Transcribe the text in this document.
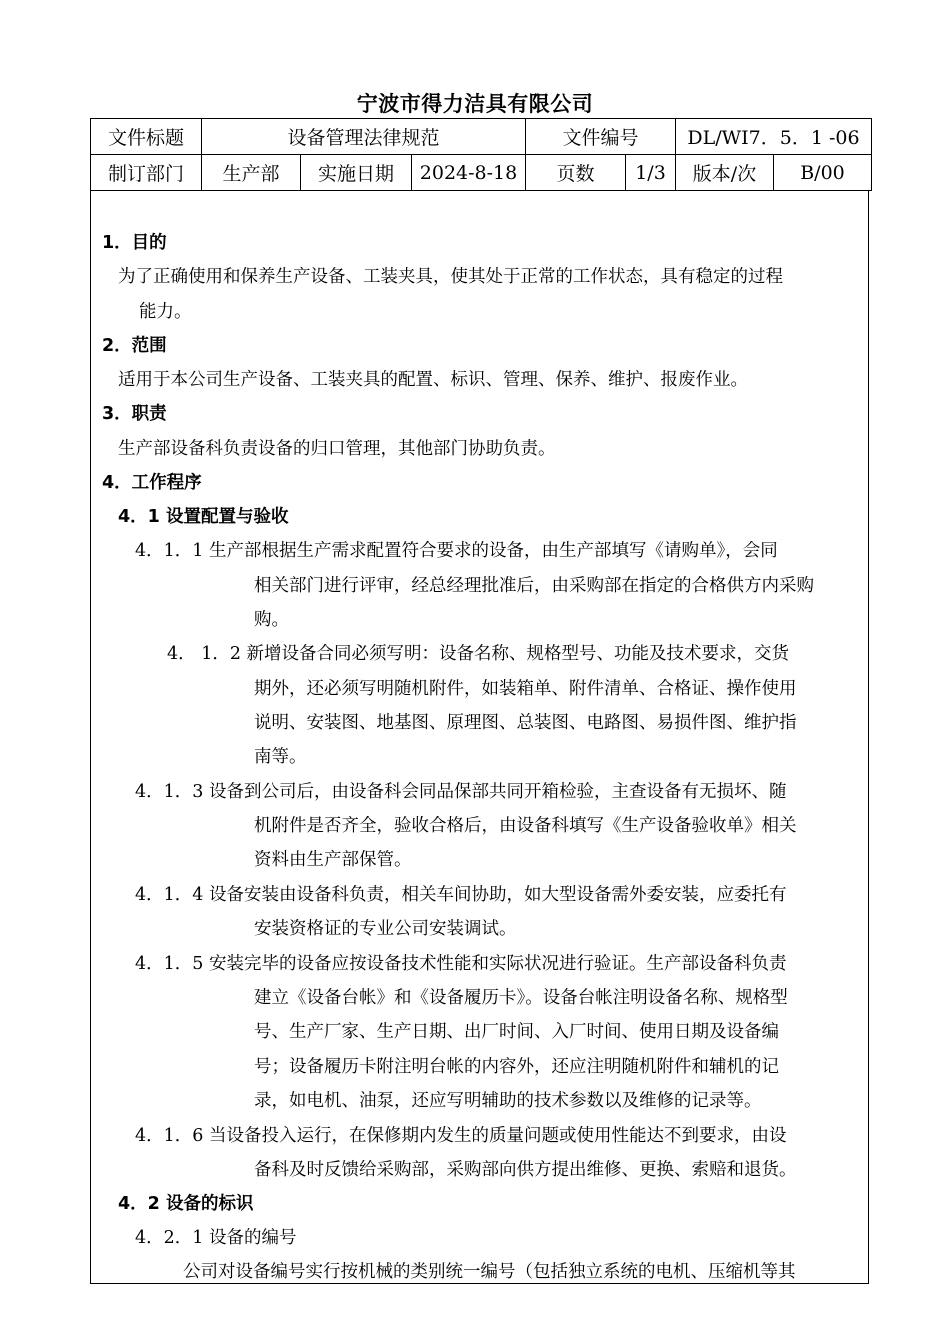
宁波市得力洁具有限公司
文件标题	设备管理法律规范			文件编号		DL/WI7．5．1 -06	
制订部门	生产部	实施日期	2024-8-18	页数	1/3	版本/次	B/00
1．目的
为了正确使用和保养生产设备、工装夹具，使其处于正常的工作状态，具有稳定的过程
能力。
2．范围
适用于本公司生产设备、工装夹具的配置、标识、管理、保养、维护、报废作业。
3．职责
生产部设备科负责设备的归口管理，其他部门协助负责。
4．工作程序
4．1 设置配置与验收
4．1．1 生产部根据生产需求配置符合要求的设备，由生产部填写《请购单》，会同
相关部门进行评审，经总经理批准后，由采购部在指定的合格供方内采购
购。
4． 1．2 新增设备合同必须写明：设备名称、规格型号、功能及技术要求，交货
期外，还必须写明随机附件，如装箱单、附件清单、合格证、操作使用
说明、安装图、地基图、原理图、总装图、电路图、易损件图、维护指
南等。
4．1．3 设备到公司后，由设备科会同品保部共同开箱检验，主查设备有无损坏、随
机附件是否齐全，验收合格后，由设备科填写《生产设备验收单》相关
资料由生产部保管。
4．1．4 设备安装由设备科负责，相关车间协助，如大型设备需外委安装，应委托有
安装资格证的专业公司安装调试。
4．1．5 安装完毕的设备应按设备技术性能和实际状况进行验证。生产部设备科负责
建立《设备台帐》和《设备履历卡》。设备台帐注明设备名称、规格型
号、生产厂家、生产日期、出厂时间、入厂时间、使用日期及设备编
号；设备履历卡附注明台帐的内容外，还应注明随机附件和辅机的记
录，如电机、油泵，还应写明辅助的技术参数以及维修的记录等。
4．1．6 当设备投入运行，在保修期内发生的质量问题或使用性能达不到要求，由设
备科及时反馈给采购部，采购部向供方提出维修、更换、索赔和退货。
4．2 设备的标识
4．2．1 设备的编号
公司对设备编号实行按机械的类别统一编号（包括独立系统的电机、压缩机等其
